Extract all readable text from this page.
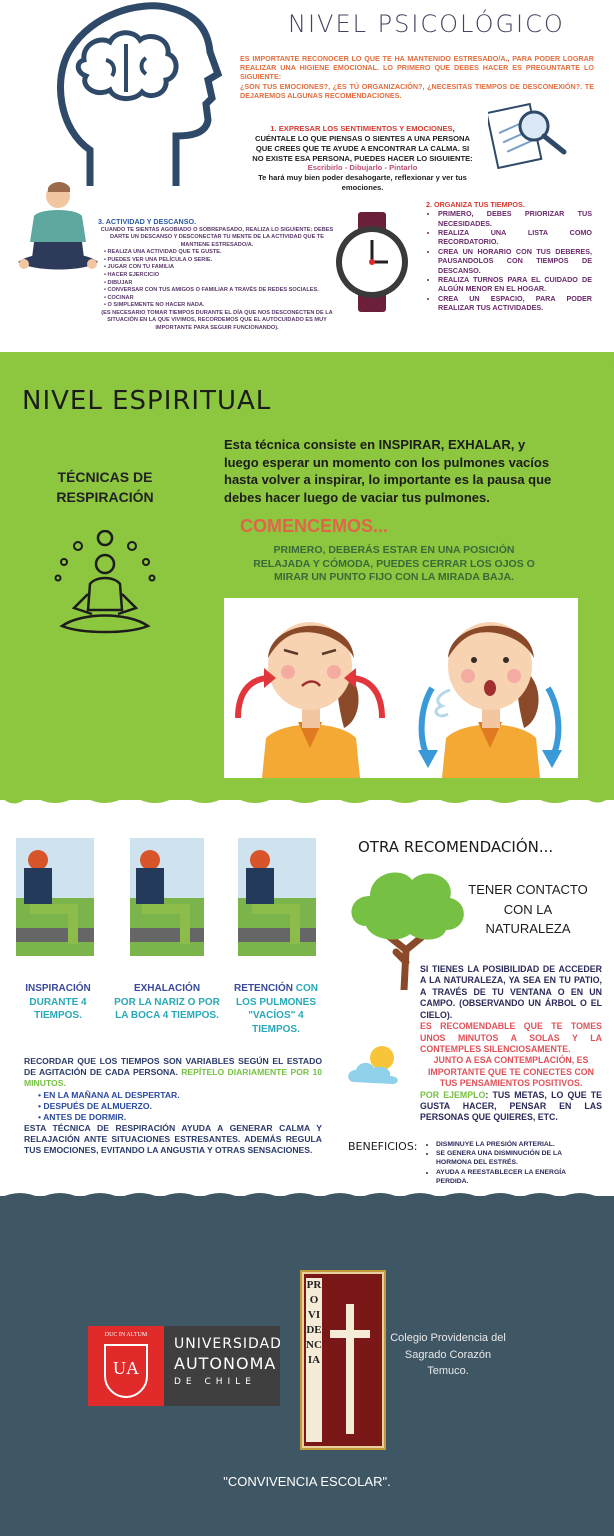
NIVEL PSICOLÓGICO
ES IMPORTANTE RECONOCER LO QUE TE HA MANTENIDO ESTRESADO/A., PARA PODER LOGRAR REALIZAR UNA HIGIENE EMOCIONAL. LO PRIMERO QUE DEBES HACER ES PREGUNTARTE LO SIGUIENTE:
¿SON TUS EMOCIONES?, ¿ES TÚ ORGANIZACIÓN?, ¿NECESITAS TIEMPOS DE DESCONEXIÓN?. TE DEJAREMOS ALGUNAS RECOMENDACIONES.
1. EXPRESAR LOS SENTIMIENTOS Y EMOCIONES, CUÉNTALE LO QUE PIENSAS O SIENTES A UNA PERSONA QUE CREES QUE TE AYUDE A ENCONTRAR LA CALMA. SI NO EXISTE ESA PERSONA, PUEDES HACER LO SIGUIENTE:
Escribirlo - Dibujarlo - Pintarlo
Te hará muy bien poder desahogarte, reflexionar y ver tus emociones.
2. ORGANIZA TUS TIEMPOS.
• PRIMERO, DEBES PRIORIZAR TUS NECESIDADES.
• REALIZA UNA LISTA COMO RECORDATORIO.
• CREA UN HORARIO CON TUS DEBERES, PAUSANDOLOS CON TIEMPOS DE DESCANSO.
• REALIZA TURNOS PARA EL CUIDADO DE ALGÚN MENOR EN EL HOGAR.
• CREA UN ESPACIO, PARA PODER REALIZAR TUS ACTIVIDADES.
3. ACTIVIDAD Y DESCANSO.
CUANDO TE SIENTAS AGOBIADO O SOBREPASADO, REALIZA LO SIGUIENTE: DEBES DARTE UN DESCANSO Y DESCONECTAR TU MENTE DE LA ACTIVIDAD QUE TE MANTIENE ESTRESADO/A.
• REALIZA UNA ACTIVIDAD QUE TE GUSTE.
• PUEDES VER UNA PELÍCULA O SERIE.
• JUGAR CON TU FAMILIA
• HACER EJERCICIO
• DIBUJAR
• CONVERSAR CON TUS AMIGOS O FAMILIAR A TRAVÉS DE REDES SOCIALES.
• COCINAR
• O SIMPLEMENTE NO HACER NADA.
(ES NECESARIO TOMAR TIEMPOS DURANTE EL DÍA QUE NOS DESCONECTEN DE LA SITUACIÓN EN LA QUE VIVIMOS, RECORDEMOS QUE EL AUTOCUIDADO ES MUY IMPORTANTE PARA SEGUIR FUNCIONANDO).
NIVEL ESPIRITUAL
TÉCNICAS DE RESPIRACIÓN
Esta técnica consiste en INSPIRAR, EXHALAR, y luego esperar un momento con los pulmones vacíos hasta volver a inspirar, lo importante es la pausa que debes hacer luego de vaciar tus pulmones.
COMENCEMOS...
PRIMERO, DEBERÁS ESTAR EN UNA POSICIÓN RELAJADA Y CÓMODA, PUEDES CERRAR LOS OJOS O MIRAR UN PUNTO FIJO CON LA MIRADA BAJA.
INSPIRACIÓN
DURANTE 4 TIEMPOS.
EXHALACIÓN
POR LA NARIZ O POR LA BOCA 4 TIEMPOS.
RETENCIÓN CON LOS PULMONES "VACÍOS" 4 TIEMPOS.
RECORDAR QUE LOS TIEMPOS SON VARIABLES SEGÚN EL ESTADO DE AGITACIÓN DE CADA PERSONA. REPÍTELO DIARIAMENTE POR 10 MINUTOS.
• EN LA MAÑANA AL DESPERTAR.
• DESPUÉS DE ALMUERZO.
• ANTES DE DORMIR.
ESTA TÉCNICA DE RESPIRACIÓN AYUDA A GENERAR CALMA Y RELAJACIÓN ANTE SITUACIONES ESTRESANTES. ADEMÁS REGULA TUS EMOCIONES, EVITANDO LA ANGUSTIA Y OTRAS SENSACIONES.
OTRA RECOMENDACIÓN...
TENER CONTACTO CON LA NATURALEZA
SI TIENES LA POSIBILIDAD DE ACCEDER A LA NATURALEZA, YA SEA EN TU PATIO, A TRAVÉS DE TU VENTANA O EN UN CAMPO. (OBSERVANDO UN ÁRBOL O EL CIELO).
ES RECOMENDABLE QUE TE TOMES UNOS MINUTOS A SOLAS Y LA CONTEMPLES SILENCIOSAMENTE.
JUNTO A ESA CONTEMPLACIÓN, ES IMPORTANTE QUE TE CONECTES CON TUS PENSAMIENTOS POSITIVOS.
POR EJEMPLO: TUS METAS, LO QUE TE GUSTA HACER, PENSAR EN LAS PERSONAS QUE QUIERES, ETC.
BENEFICIOS:
•	DISMINUYE LA PRESIÓN ARTERIAL.
• SE GENERA UNA DISMINUCIÓN DE LA HORMONA DEL ESTRÉS.
• AYUDA A REESTABLECER LA ENERGÍA PERDIDA.
DUC IN ALTUM
UA
UNIVERSIDAD
AUTONOMA
DE CHILE
PROVIDENCIA
Colegio Providencia del Sagrado Corazón Temuco.
"CONVIVENCIA ESCOLAR".
